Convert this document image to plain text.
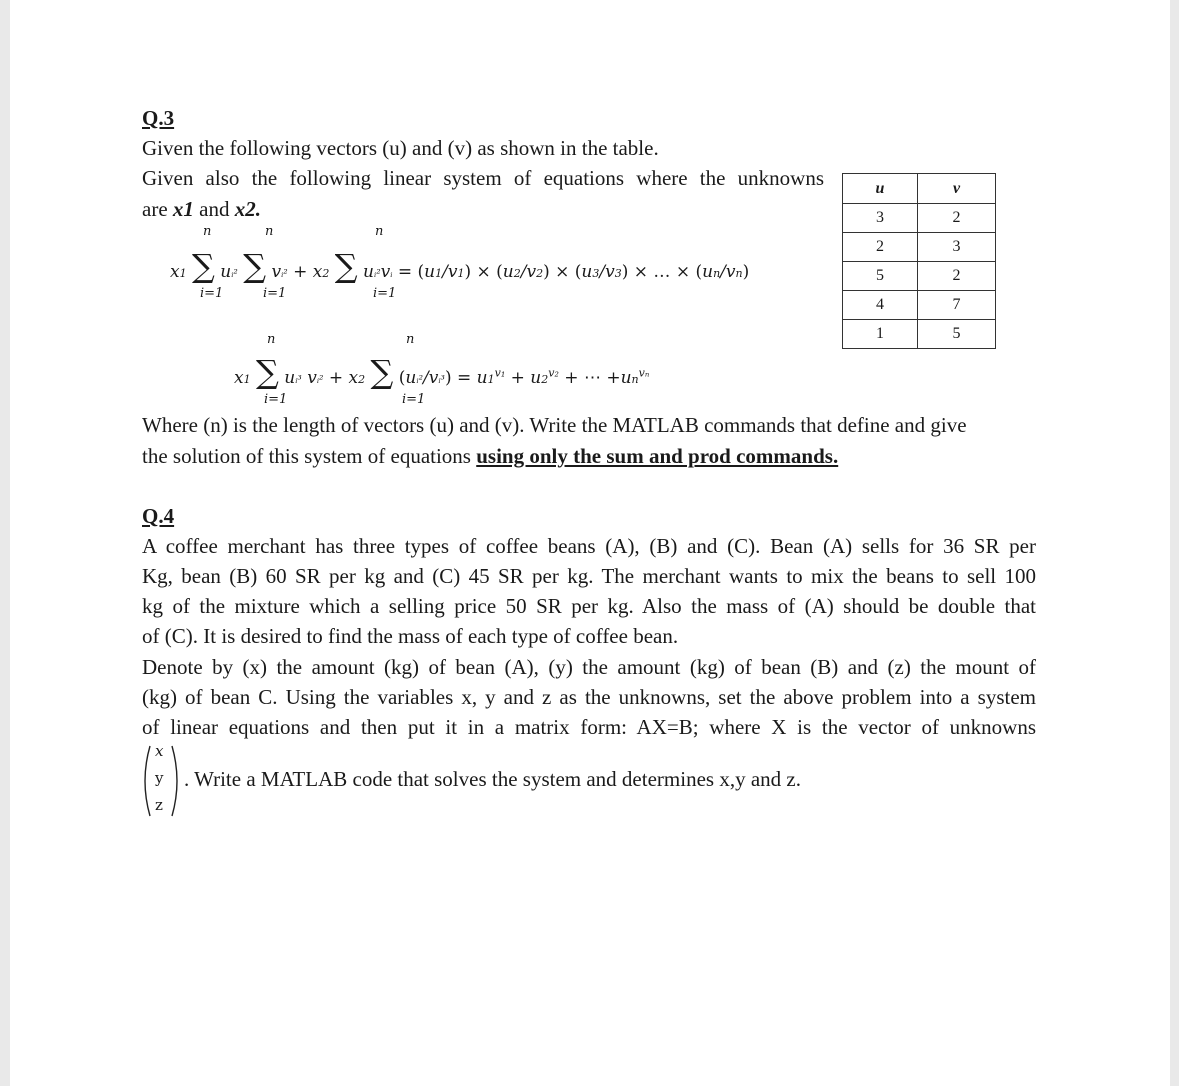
Q.3
Given the following vectors (u) and (v) as shown in the table.
Given also the following linear system of equations where the unknowns
are x1 and x2.
n	n	n
x1 ∑ uᵢ² ∑ vᵢ² + x2 ∑ uᵢ²vᵢ = (u1/v1) × (u2/v2) × (u3/v3) × … × (un/vn)
i=1	i=1	i=1
u	v
3	2
2	3
5	2
4	7
1	5
n	n
x1 ∑ uᵢ³ vᵢ² + x2 ∑ (uᵢ²/vᵢ³) = $u1^{v_1} + u2^{v_2}$ + ⋯ $+un^{v_n}$
i=1	i=1
Where (n) is the length of vectors (u) and (v). Write the MATLAB commands that define and give
the solution of this system of equations using only the sum and prod commands.
Q.4
A coffee merchant has three types of coffee beans (A), (B) and (C). Bean (A) sells for 36 SR per
Kg, bean (B) 60 SR per kg and (C) 45 SR per kg. The merchant wants to mix the beans to sell 100
kg of the mixture which a selling price 50 SR per kg. Also the mass of (A) should be double that
of (C). It is desired to find the mass of each type of coffee bean.
Denote by (x) the amount (kg) of bean (A), (y) the amount (kg) of bean (B) and (z) the mount of
(kg) of bean C. Using the variables x, y and z as the unknowns, set the above problem into a system
of linear equations and then put it in a matrix form: AX=B; where X is the vector of unknowns
x
y
z
. Write a MATLAB code that solves the system and determines x,y and z.
